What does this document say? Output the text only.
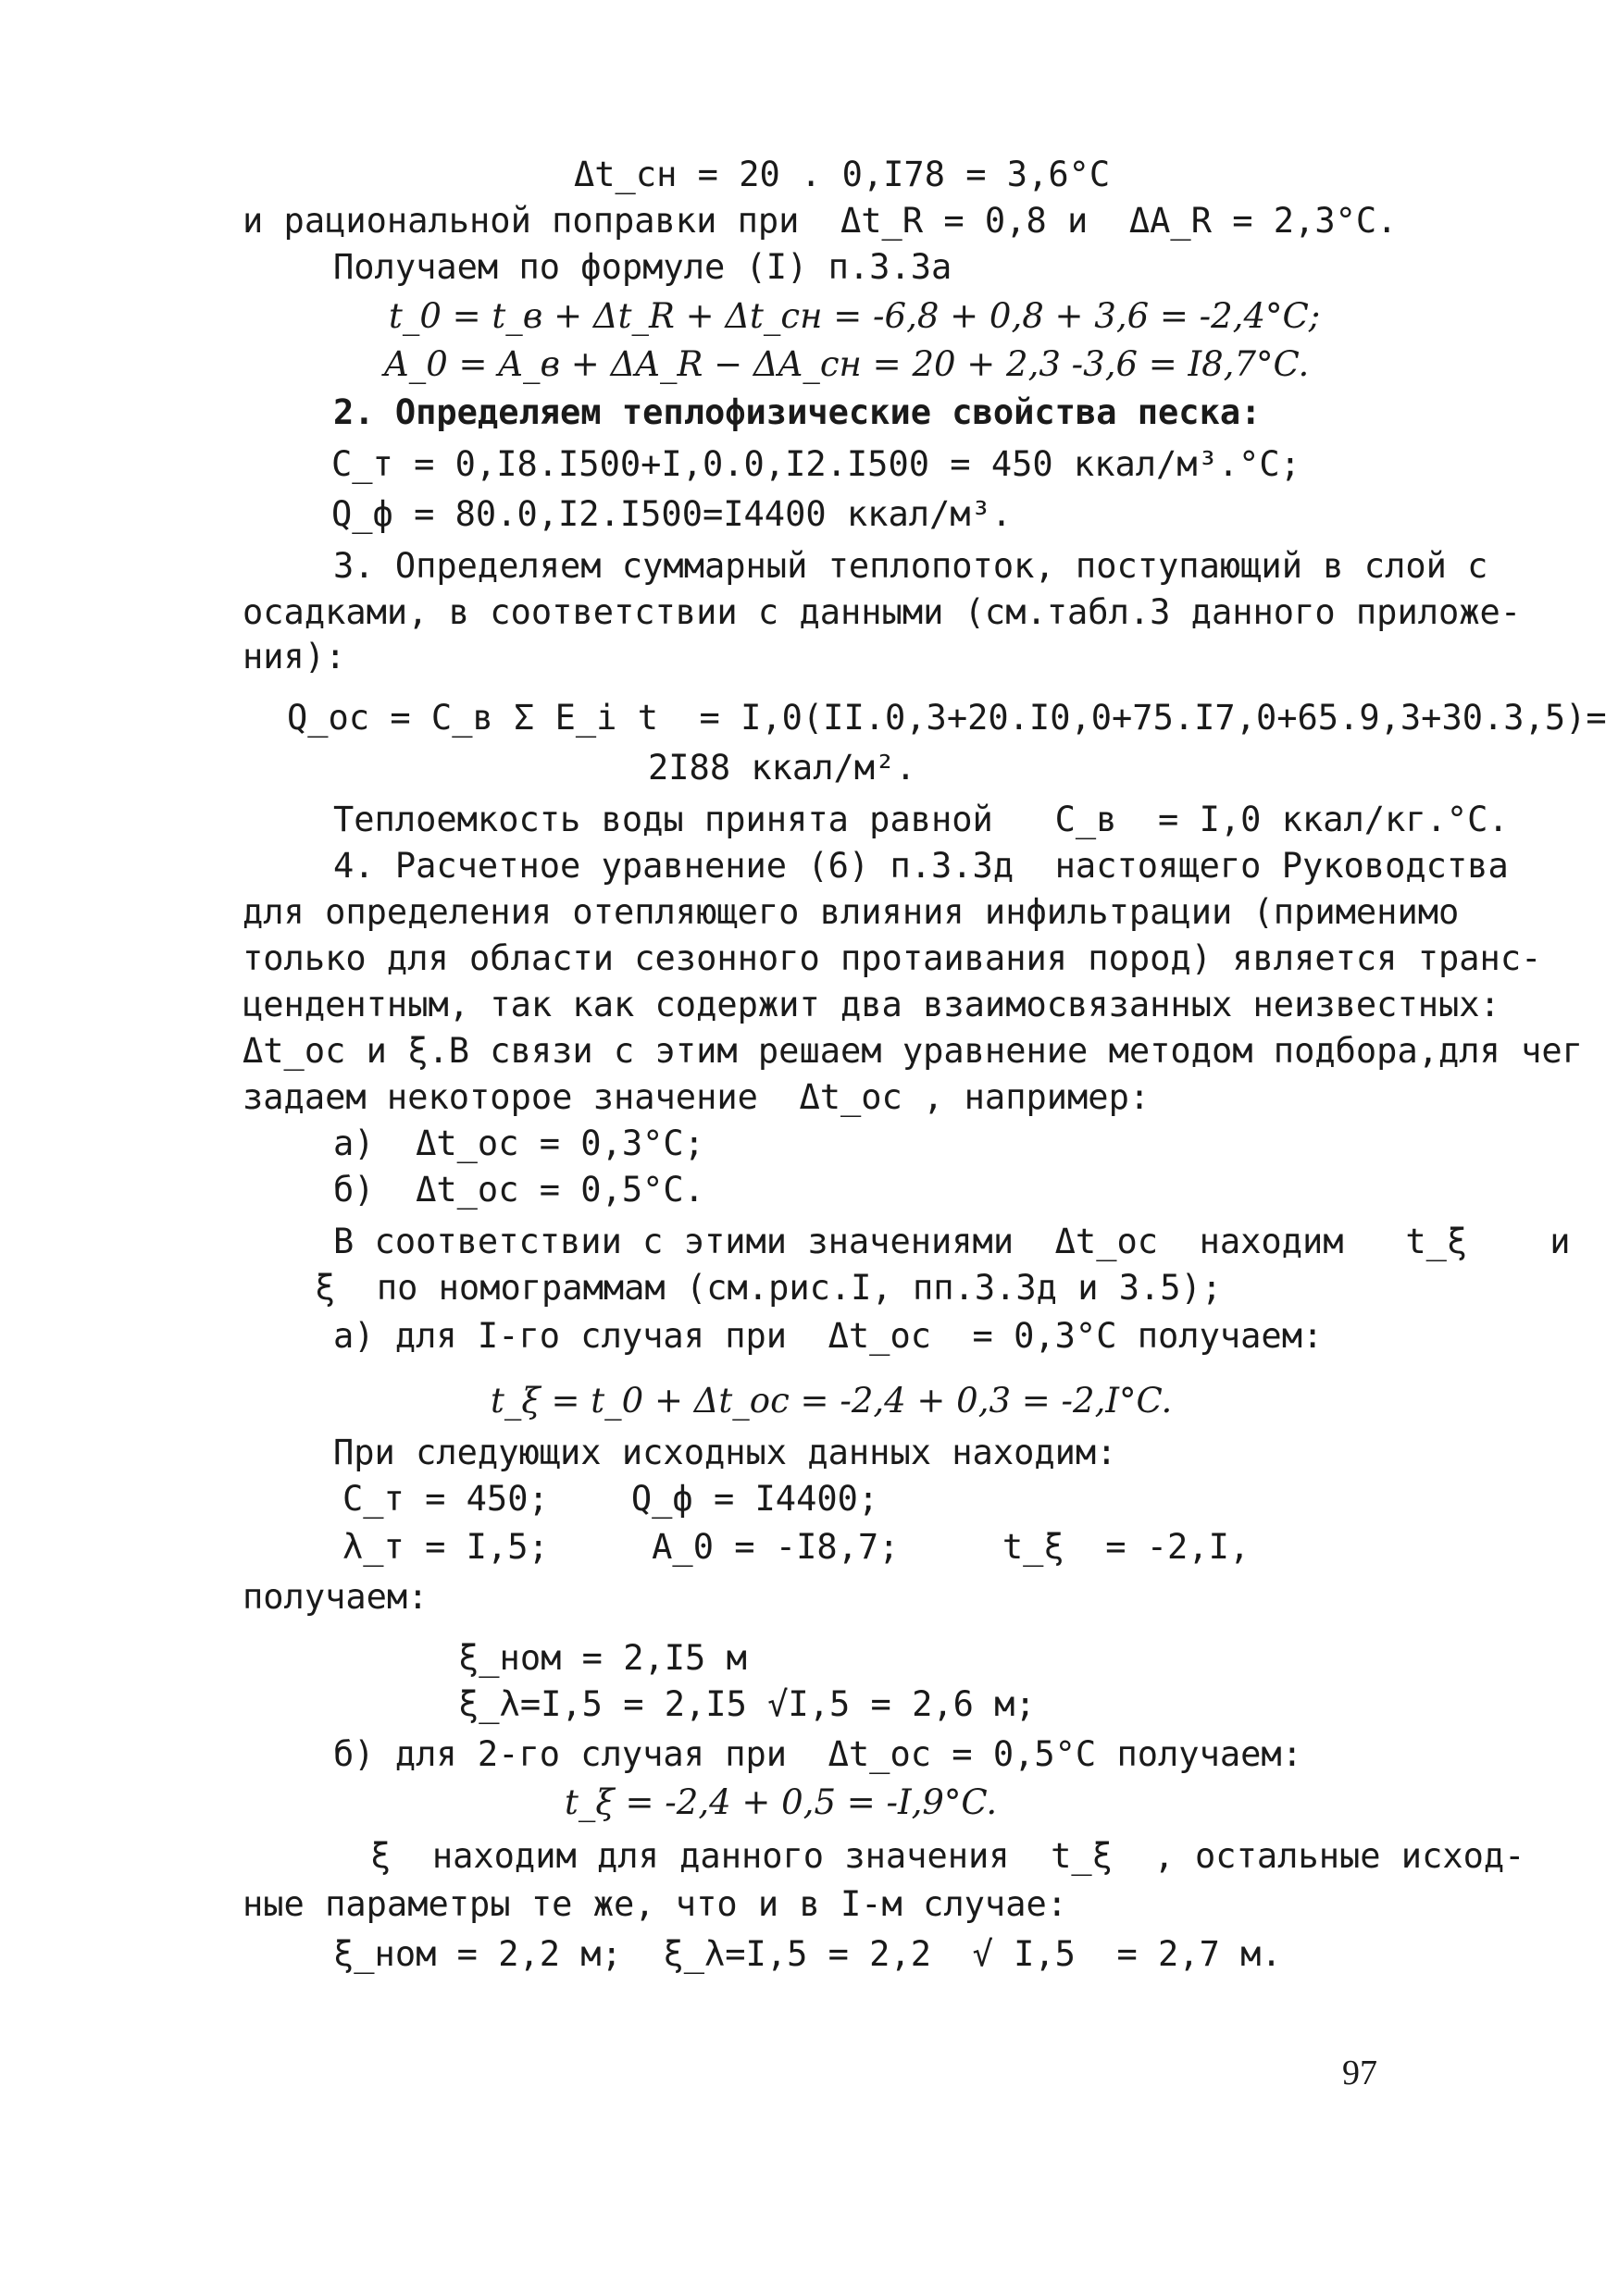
Δt_сн = 20 . 0,I78 = 3,6°C
и рациональной поправки при  Δt_R = 0,8 и  ΔA_R = 2,3°C.
Получаем по формуле (I) п.3.3а
t_0 = t_в + Δt_R + Δt_сн = -6,8 + 0,8 + 3,6 = -2,4°C;
A_0 = A_в + ΔA_R − ΔA_сн = 20 + 2,3 -3,6 = I8,7°C.
2. Определяем теплофизические свойства песка:
C_т = 0,I8.I500+I,0.0,I2.I500 = 450 ккал/м³.°C;
Q_ф = 80.0,I2.I500=I4400 ккал/м³.
3. Определяем суммарный теплопоток, поступающий в слой с
осадками, в соответствии с данными (см.табл.3 данного приложе-
ния):
Q_ос = C_в Σ E_i t  = I,0(II.0,3+20.I0,0+75.I7,0+65.9,3+30.3,5)=
2I88 ккал/м².
Теплоемкость воды принята равной   C_в  = I,0 ккал/кг.°C.
4. Расчетное уравнение (6) п.3.3д  настоящего Руководства
для определения отепляющего влияния инфильтрации (применимо
только для области сезонного протаивания пород) является транс-
цендентным, так как содержит два взаимосвязанных неизвестных:
Δt_ос и ξ.В связи с этим решаем уравнение методом подбора,для чег
задаем некоторое значение  Δt_ос , например:
а)  Δt_ос = 0,3°C;
б)  Δt_ос = 0,5°C.
В соответствии с этими значениями  Δt_ос  находим   t_ξ    и
ξ  по номограммам (см.рис.I, пп.3.3д и 3.5);
а) для I-го случая при  Δt_ос  = 0,3°C получаем:
t_ξ = t_0 + Δt_ос = -2,4 + 0,3 = -2,I°C.
При следующих исходных данных находим:
C_т = 450;    Q_ф = I4400;
λ_т = I,5;     A_0 = -I8,7;     t_ξ  = -2,I,
получаем:
ξ_ном = 2,I5 м
ξ_λ=I,5 = 2,I5 √I,5 = 2,6 м;
б) для 2-го случая при  Δt_ос = 0,5°C получаем:
t_ξ = -2,4 + 0,5 = -I,9°C.
ξ  находим для данного значения  t_ξ  , остальные исход-
ные параметры те же, что и в I-м случае:
ξ_ном = 2,2 м;  ξ_λ=I,5 = 2,2  √ I,5  = 2,7 м.
97
